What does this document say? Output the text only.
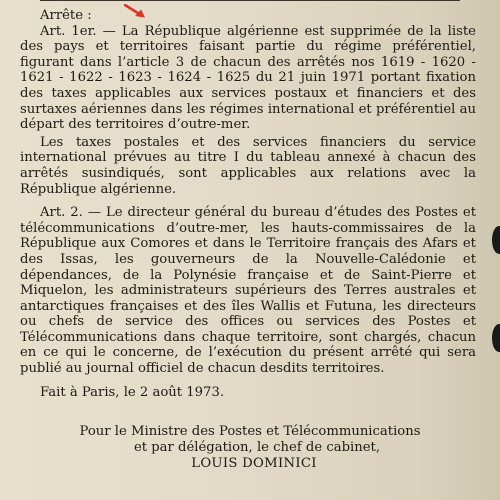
Arrête :

Art. 1er. — La République algérienne est supprimée de la liste des pays et territoires faisant partie du régime préférentiel, figurant dans l’article 3 de chacun des arrêtés nos 1619 - 1620 - 1621 - 1622 - 1623 - 1624 - 1625 du 21 juin 1971 portant fixation des taxes applicables aux services postaux et financiers et des surtaxes aériennes dans les régimes international et préférentiel au départ des territoires d’outre-mer.

Les taxes postales et des services financiers du service international prévues au titre I du tableau annexé à chacun des arrêtés susindiqués, sont applicables aux relations avec la République algérienne.

Art. 2. — Le directeur général du bureau d’études des Postes et télécommunications d’outre-mer, les hauts-commissaires de la République aux Comores et dans le Territoire français des Afars et des Issas, les gouverneurs de la Nouvelle-Calédonie et dépendances, de la Polynésie française et de Saint-Pierre et Miquelon, les administrateurs supérieurs des Terres australes et antarctiques françaises et des îles Wallis et Futuna, les directeurs ou chefs de service des offices ou services des Postes et Télécommunications dans chaque territoire, sont chargés, chacun en ce qui le concerne, de l’exécution du présent arrêté qui sera publié au journal officiel de chacun desdits territoires.

Fait à Paris, le 2 août 1973.

Pour le Ministre des Postes et Télécommunications
et par délégation, le chef de cabinet,
LOUIS DOMINICI
